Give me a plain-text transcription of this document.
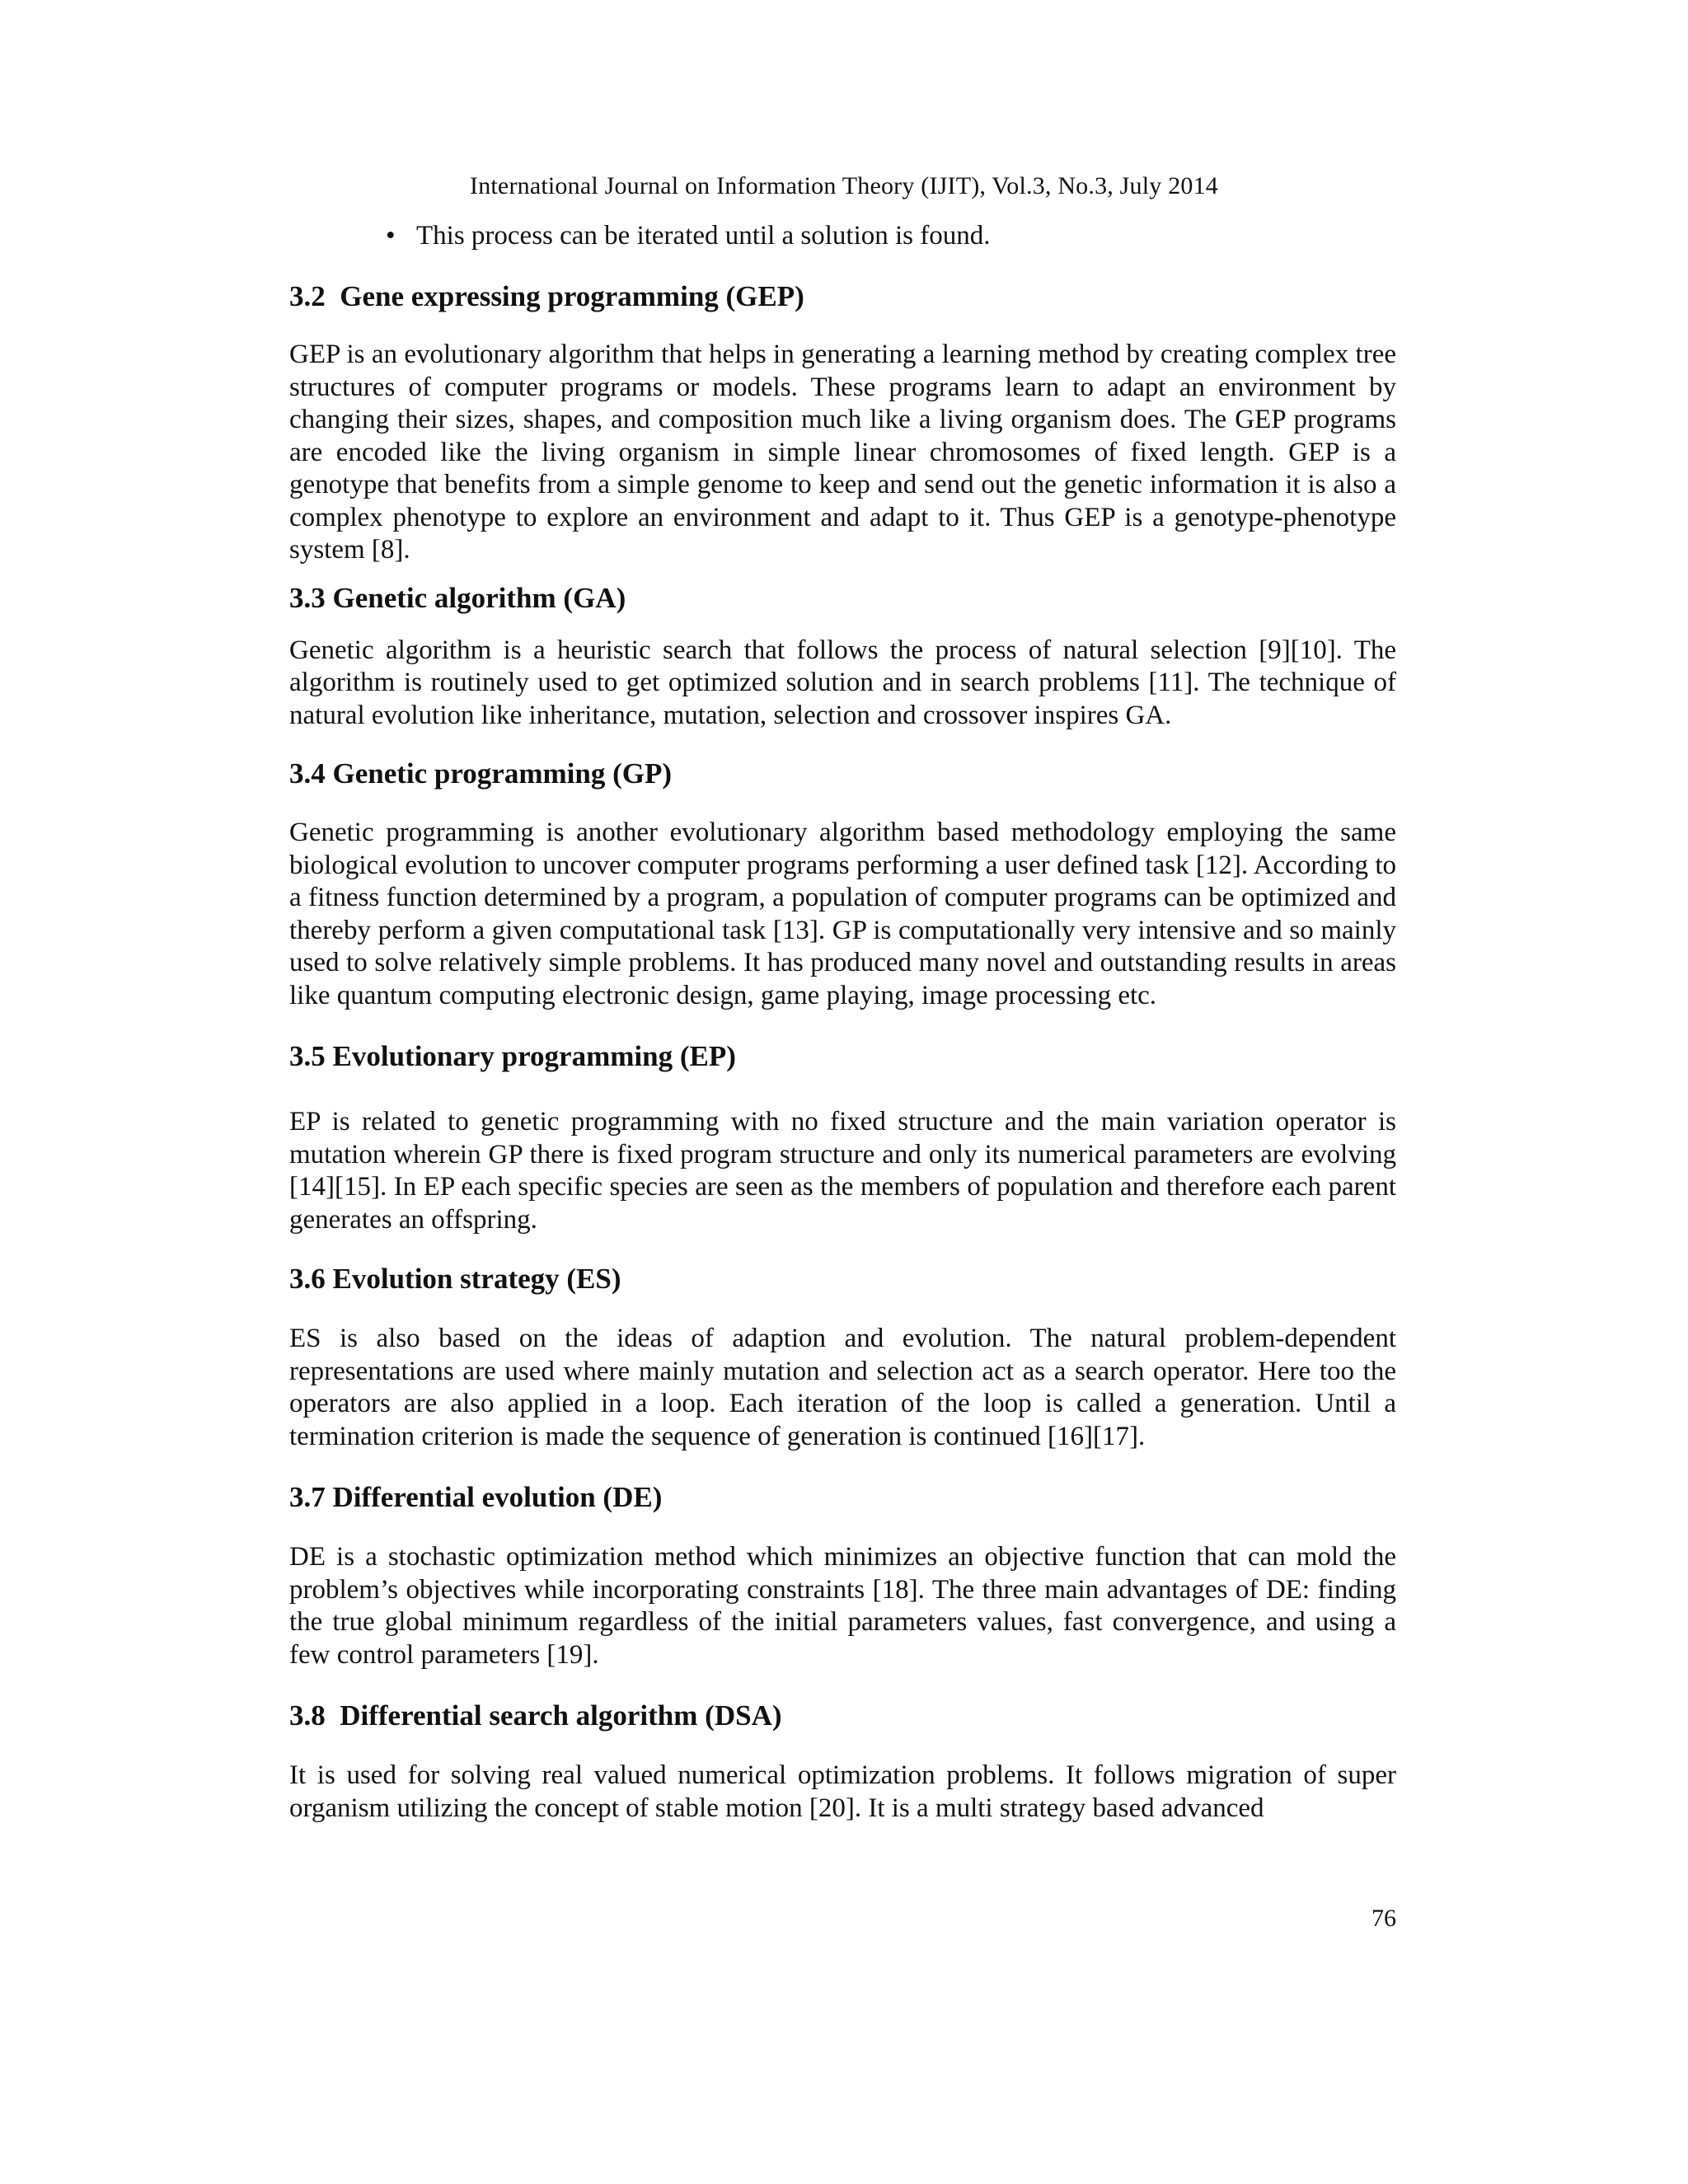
International Journal on Information Theory (IJIT), Vol.3, No.3, July 2014
• This process can be iterated until a solution is found.
3.2  Gene expressing programming (GEP)

GEP is an evolutionary algorithm that helps in generating a learning method by creating complex tree structures of computer programs or models. These programs learn to adapt an environment by changing their sizes, shapes, and composition much like a living organism does. The GEP programs are encoded like the living organism in simple linear chromosomes of fixed length. GEP is a genotype that benefits from a simple genome to keep and send out the genetic information it is also a complex phenotype to explore an environment and adapt to it. Thus GEP is a genotype-phenotype system [8].

3.3 Genetic algorithm (GA)

Genetic algorithm is a heuristic search that follows the process of natural selection [9][10]. The algorithm is routinely used to get optimized solution and in search problems [11]. The technique of natural evolution like inheritance, mutation, selection and crossover inspires GA.

3.4 Genetic programming (GP)

Genetic programming is another evolutionary algorithm based methodology employing the same biological evolution to uncover computer programs performing a user defined task [12]. According to a fitness function determined by a program, a population of computer programs can be optimized and thereby perform a given computational task [13]. GP is computationally very intensive and so mainly used to solve relatively simple problems. It has produced many novel and outstanding results in areas like quantum computing electronic design, game playing, image processing etc.

3.5 Evolutionary programming (EP)

EP is related to genetic programming with no fixed structure and the main variation operator is mutation wherein GP there is fixed program structure and only its numerical parameters are evolving [14][15]. In EP each specific species are seen as the members of population and therefore each parent generates an offspring.

3.6 Evolution strategy (ES)

ES is also based on the ideas of adaption and evolution. The natural problem-dependent representations are used where mainly mutation and selection act as a search operator. Here too the operators are also applied in a loop. Each iteration of the loop is called a generation. Until a termination criterion is made the sequence of generation is continued [16][17].

3.7 Differential evolution (DE)

DE is a stochastic optimization method which minimizes an objective function that can mold the problem’s objectives while incorporating constraints [18]. The three main advantages of DE: finding the true global minimum regardless of the initial parameters values, fast convergence, and using a few control parameters [19].

3.8  Differential search algorithm (DSA)

It is used for solving real valued numerical optimization problems. It follows migration of super organism utilizing the concept of stable motion [20]. It is a multi strategy based advanced

76
